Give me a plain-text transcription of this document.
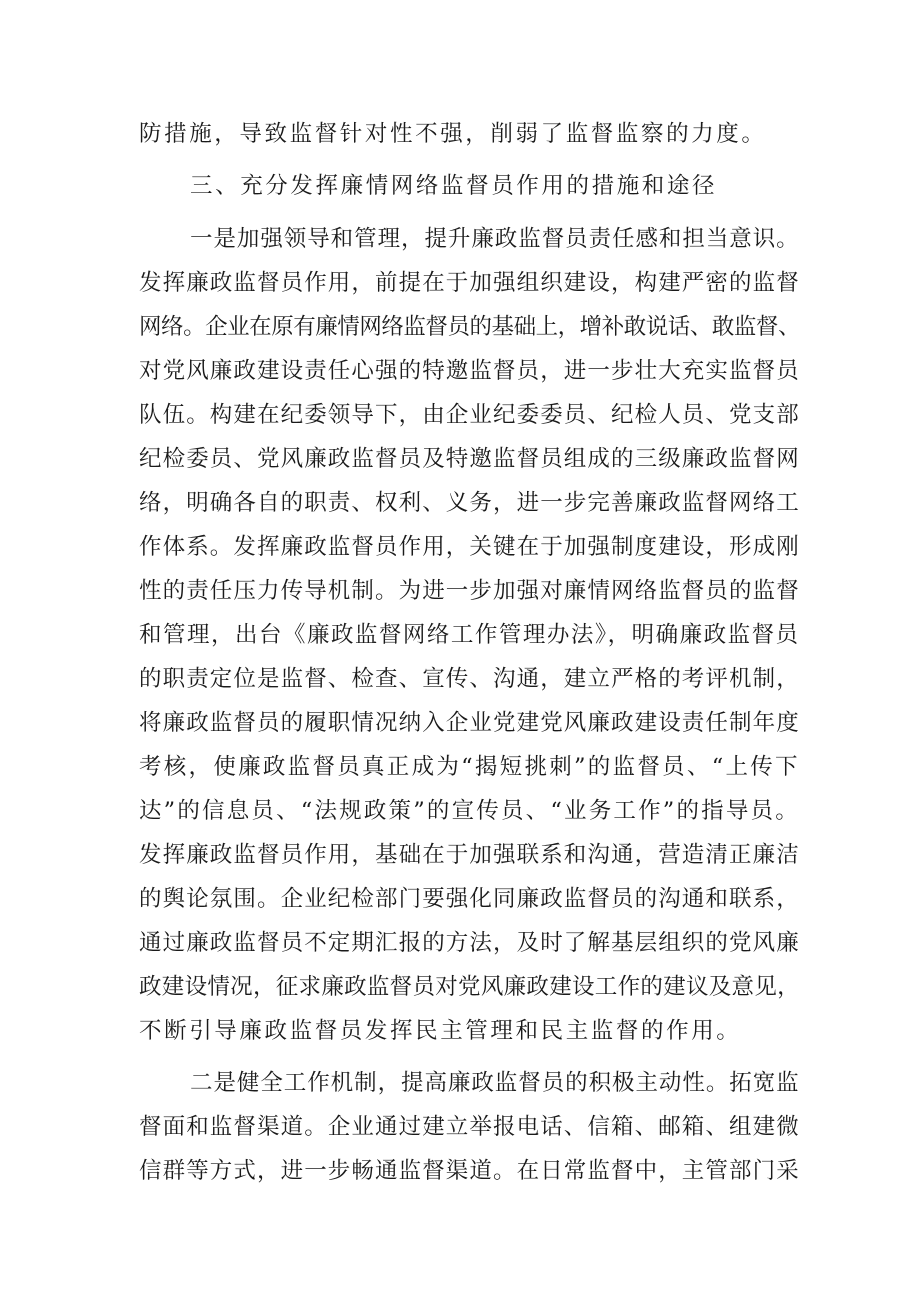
防措施，导致监督针对性不强，削弱了监督监察的力度。
三、充分发挥廉情网络监督员作用的措施和途径
一是加强领导和管理，提升廉政监督员责任感和担当意识。
发挥廉政监督员作用，前提在于加强组织建设，构建严密的监督
网络。企业在原有廉情网络监督员的基础上，增补敢说话、敢监督、
对党风廉政建设责任心强的特邀监督员，进一步壮大充实监督员
队伍。构建在纪委领导下，由企业纪委委员、纪检人员、党支部
纪检委员、党风廉政监督员及特邀监督员组成的三级廉政监督网
络，明确各自的职责、权利、义务，进一步完善廉政监督网络工
作体系。发挥廉政监督员作用，关键在于加强制度建设，形成刚
性的责任压力传导机制。为进一步加强对廉情网络监督员的监督
和管理，出台《廉政监督网络工作管理办法》，明确廉政监督员
的职责定位是监督、检查、宣传、沟通，建立严格的考评机制，
将廉政监督员的履职情况纳入企业党建党风廉政建设责任制年度
考核，使廉政监督员真正成为“揭短挑刺”的监督员、“上传下
达”的信息员、“法规政策”的宣传员、“业务工作”的指导员。
发挥廉政监督员作用，基础在于加强联系和沟通，营造清正廉洁
的舆论氛围。企业纪检部门要强化同廉政监督员的沟通和联系，
通过廉政监督员不定期汇报的方法，及时了解基层组织的党风廉
政建设情况，征求廉政监督员对党风廉政建设工作的建议及意见，
不断引导廉政监督员发挥民主管理和民主监督的作用。
二是健全工作机制，提高廉政监督员的积极主动性。拓宽监
督面和监督渠道。企业通过建立举报电话、信箱、邮箱、组建微
信群等方式，进一步畅通监督渠道。在日常监督中，主管部门采
